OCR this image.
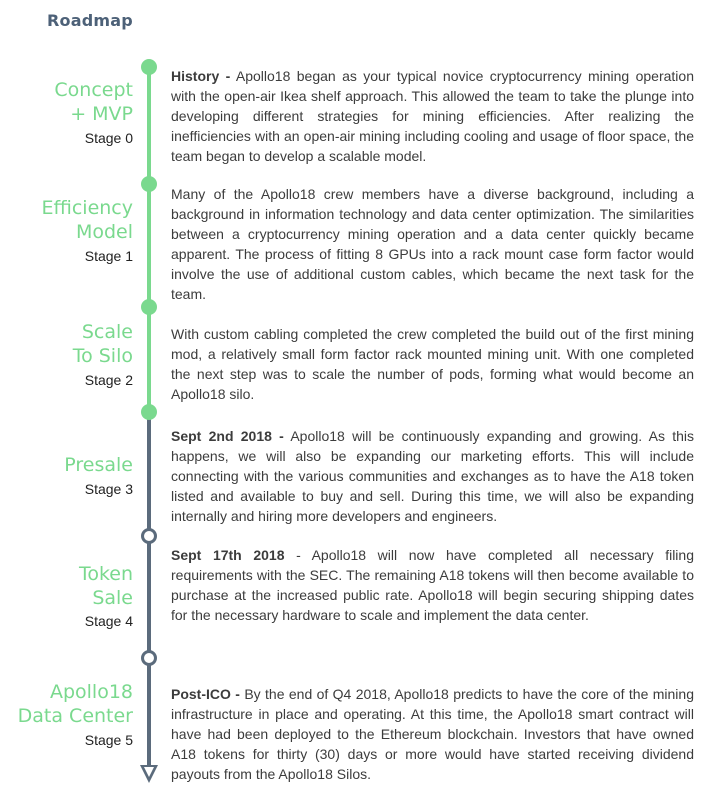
Roadmap
Concept
+ MVP
Stage 0
History - Apollo18 began as your typical novice cryptocurrency mining operation with the open-air Ikea shelf approach. This allowed the team to take the plunge into developing different strategies for mining efficiencies. After realizing the inefficiencies with an open-air mining including cooling and usage of floor space, the team began to develop a scalable model.
Efficiency
Model
Stage 1
Many of the Apollo18 crew members have a diverse background, including a background in information technology and data center optimization. The similarities between a cryptocurrency mining operation and a data center quickly became apparent. The process of fitting 8 GPUs into a rack mount case form factor would involve the use of additional custom cables, which became the next task for the team.
Scale
To Silo
Stage 2
With custom cabling completed the crew completed the build out of the first mining mod, a relatively small form factor rack mounted mining unit. With one completed the next step was to scale the number of pods, forming what would become an Apollo18 silo.
Presale
Stage 3
Sept 2nd 2018 - Apollo18 will be continuously expanding and growing. As this happens, we will also be expanding our marketing efforts. This will include connecting with the various communities and exchanges as to have the A18 token listed and available to buy and sell. During this time, we will also be expanding internally and hiring more developers and engineers.
Token
Sale
Stage 4
Sept 17th 2018 - Apollo18 will now have completed all necessary filing requirements with the SEC. The remaining A18 tokens will then become available to purchase at the increased public rate. Apollo18 will begin securing shipping dates for the necessary hardware to scale and implement the data center.
Apollo18
Data Center
Stage 5
Post-ICO - By the end of Q4 2018, Apollo18 predicts to have the core of the mining infrastructure in place and operating. At this time, the Apollo18 smart contract will have had been deployed to the Ethereum blockchain. Investors that have owned A18 tokens for thirty (30) days or more would have started receiving dividend payouts from the Apollo18 Silos.
